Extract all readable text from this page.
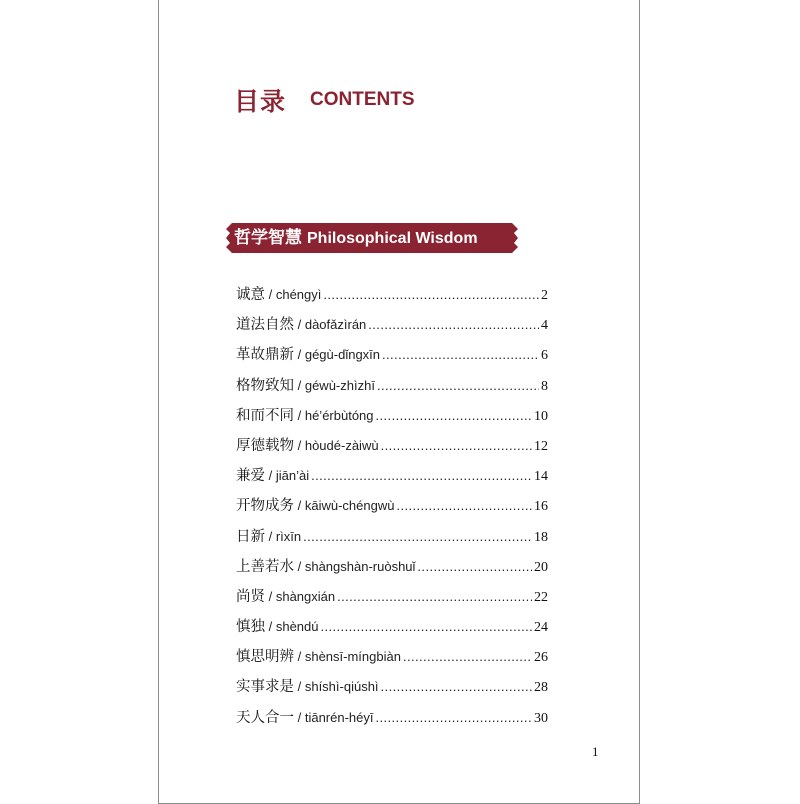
目录 CONTENTS
哲学智慧 Philosophical Wisdom
诚意 / chéngyì .....	2
道法自然 / dàofǎzìrán .....	4
革故鼎新 / gégù-dǐngxīn .....	6
格物致知 / géwù-zhìzhī .....	8
和而不同 / hé’érbùtóng .....	10
厚德载物 / hòudé-zàiwù .....	12
兼爱 / jiān’ài .....	14
开物成务 / kāiwù-chéngwù .....	16
日新 / rìxīn .....	18
上善若水 / shàngshàn-ruòshuǐ .....	20
尚贤 / shàngxián .....	22
慎独 / shèndú .....	24
慎思明辨 / shènsī-míngbiàn .....	26
实事求是 / shíshì-qiúshì .....	28
天人合一 / tiānrén-héyī .....	30
1
